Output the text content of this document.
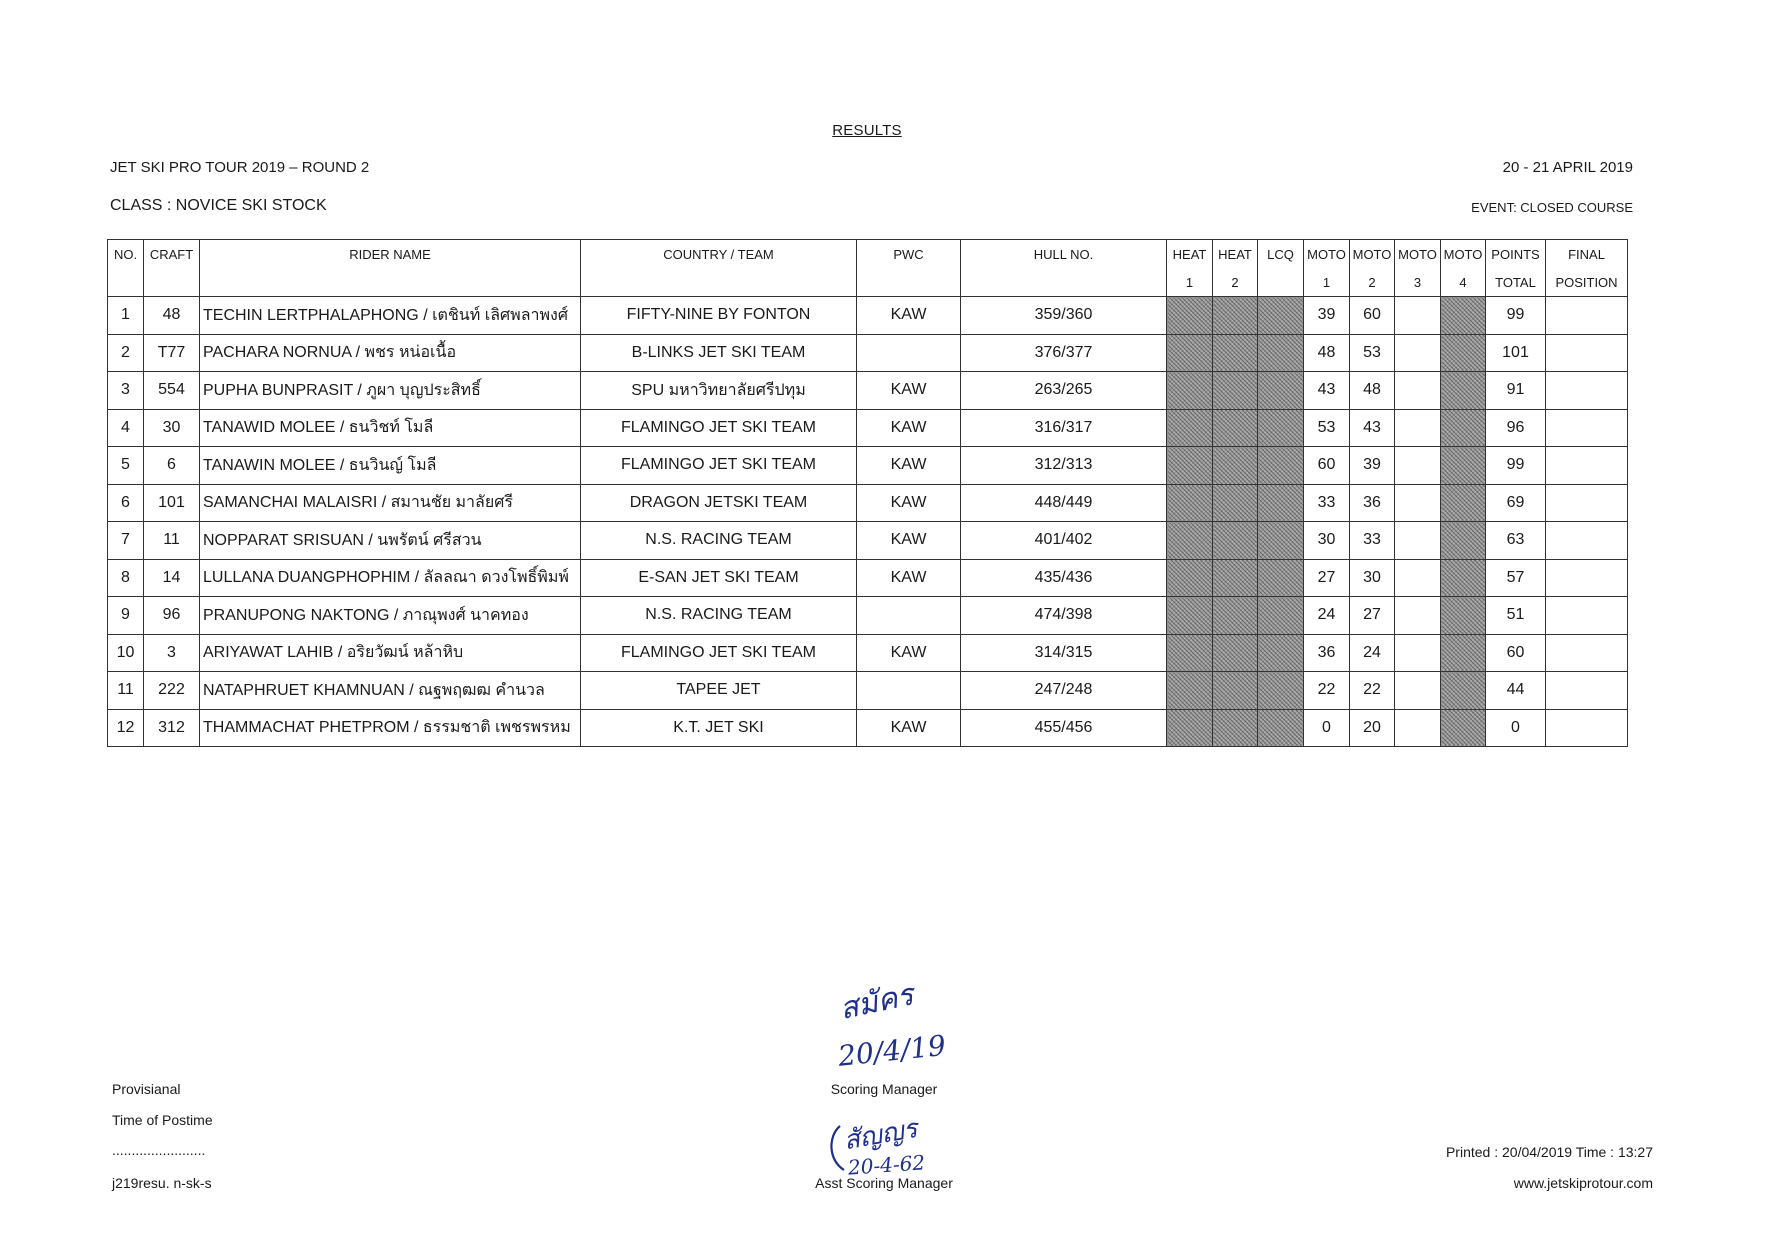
RESULTS
JET SKI PRO TOUR 2019 – ROUND 2	20 - 21 APRIL 2019
CLASS : NOVICE SKI STOCK	EVENT: CLOSED COURSE
NO.	CRAFT	RIDER NAME	COUNTRY / TEAM	PWC	HULL NO.	HEAT	HEAT	LCQ	MOTO	MOTO	MOTO	MOTO	POINTS	FINAL
						1	2		1	2	3	4	TOTAL	POSITION
1	48	TECHIN LERTPHALAPHONG / เตชินท์ เลิศพลาพงศ์	FIFTY-NINE BY FONTON	KAW	359/360				39	60			99	
2	T77	PACHARA NORNUA / พชร หน่อเนื้อ	B-LINKS JET SKI TEAM		376/377				48	53			101	
3	554	PUPHA BUNPRASIT / ภูผา บุญประสิทธิ์	SPU มหาวิทยาลัยศรีปทุม	KAW	263/265				43	48			91	
4	30	TANAWID MOLEE / ธนวิชท์ โมลี	FLAMINGO JET SKI TEAM	KAW	316/317				53	43			96	
5	6	TANAWIN MOLEE / ธนวินญ์ โมลี	FLAMINGO JET SKI TEAM	KAW	312/313				60	39			99	
6	101	SAMANCHAI MALAISRI / สมานชัย มาลัยศรี	DRAGON JETSKI TEAM	KAW	448/449				33	36			69	
7	11	NOPPARAT SRISUAN / นพรัตน์ ศรีสวน	N.S. RACING TEAM	KAW	401/402				30	33			63	
8	14	LULLANA DUANGPHOPHIM / ลัลลณา ดวงโพธิ์พิมพ์	E-SAN JET SKI TEAM	KAW	435/436				27	30			57	
9	96	PRANUPONG NAKTONG / ภาณุพงศ์ นาคทอง	N.S. RACING TEAM		474/398				24	27			51	
10	3	ARIYAWAT LAHIB / อริยวัฒน์ หล้าหิบ	FLAMINGO JET SKI TEAM	KAW	314/315				36	24			60	
11	222	NATAPHRUET KHAMNUAN / ณฐพฤฒฒ คำนวล	TAPEE JET		247/248				22	22			44	
12	312	THAMMACHAT PHETPROM / ธรรมชาติ เพชรพรหม	K.T. JET SKI	KAW	455/456				0	20			0	
สมัคร
20/4/19
สัญญร
20-4-62
Provisianal
Time of Postime
........................
j219resu. n-sk-s
Scoring Manager
Asst Scoring Manager
Printed : 20/04/2019 Time : 13:27
www.jetskiprotour.com
